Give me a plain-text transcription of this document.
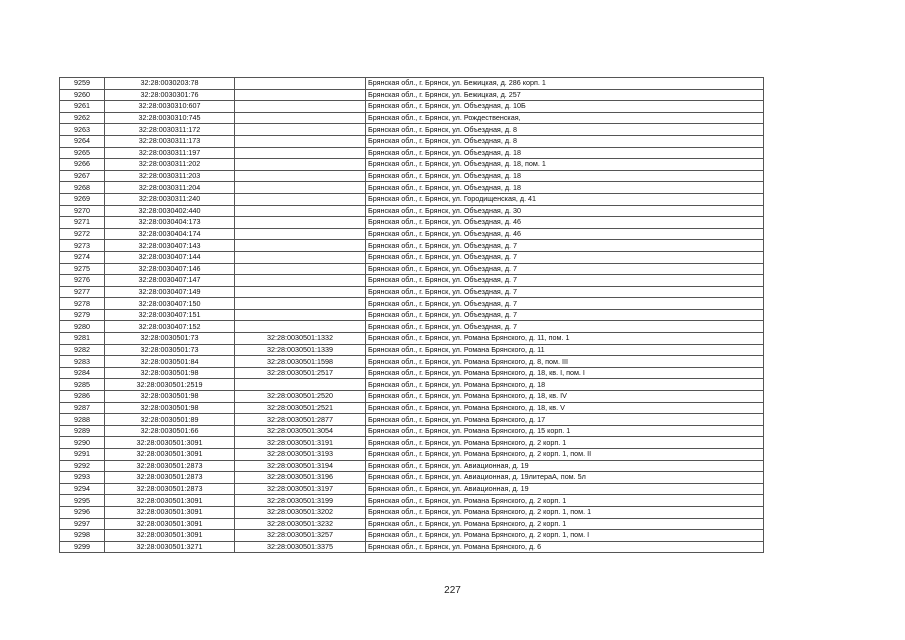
9259	32:28:0030203:78		Брянская обл., г. Брянск, ул. Бежицкая, д. 286 корп. 1
9260	32:28:0030301:76		Брянская обл., г. Брянск, ул. Бежицкая, д. 257
9261	32:28:0030310:607		Брянская обл., г. Брянск, ул. Объездная, д. 10Б
9262	32:28:0030310:745		Брянская обл., г. Брянск, ул. Рождественская,
9263	32:28:0030311:172		Брянская обл., г. Брянск, ул. Объездная, д. 8
9264	32:28:0030311:173		Брянская обл., г. Брянск, ул. Объездная, д. 8
9265	32:28:0030311:197		Брянская обл., г. Брянск, ул. Объездная, д. 18
9266	32:28:0030311:202		Брянская обл., г. Брянск, ул. Объездная, д. 18, пом. 1
9267	32:28:0030311:203		Брянская обл., г. Брянск, ул. Объездная, д. 18
9268	32:28:0030311:204		Брянская обл., г. Брянск, ул. Объездная, д. 18
9269	32:28:0030311:240		Брянская обл., г. Брянск, ул. Городищенская, д. 41
9270	32:28:0030402:440		Брянская обл., г. Брянск, ул. Объездная, д. 30
9271	32:28:0030404:173		Брянская обл., г. Брянск, ул. Объездная, д. 46
9272	32:28:0030404:174		Брянская обл., г. Брянск, ул. Объездная, д. 46
9273	32:28:0030407:143		Брянская обл., г. Брянск, ул. Объездная, д. 7
9274	32:28:0030407:144		Брянская обл., г. Брянск, ул. Объездная, д. 7
9275	32:28:0030407:146		Брянская обл., г. Брянск, ул. Объездная, д. 7
9276	32:28:0030407:147		Брянская обл., г. Брянск, ул. Объездная, д. 7
9277	32:28:0030407:149		Брянская обл., г. Брянск, ул. Объездная, д. 7
9278	32:28:0030407:150		Брянская обл., г. Брянск, ул. Объездная, д. 7
9279	32:28:0030407:151		Брянская обл., г. Брянск, ул. Объездная, д. 7
9280	32:28:0030407:152		Брянская обл., г. Брянск, ул. Объездная, д. 7
9281	32:28:0030501:73	32:28:0030501:1332	Брянская обл., г. Брянск, ул. Романа Брянского, д. 11, пом. 1
9282	32:28:0030501:73	32:28:0030501:1339	Брянская обл., г. Брянск, ул. Романа Брянского, д. 11
9283	32:28:0030501:84	32:28:0030501:1598	Брянская обл., г. Брянск, ул. Романа Брянского, д. 8, пом. III
9284	32:28:0030501:98	32:28:0030501:2517	Брянская обл., г. Брянск, ул. Романа Брянского, д. 18, кв. I, пом. I
9285	32:28:0030501:2519		Брянская обл., г. Брянск, ул. Романа Брянского, д. 18
9286	32:28:0030501:98	32:28:0030501:2520	Брянская обл., г. Брянск, ул. Романа Брянского, д. 18, кв. IV
9287	32:28:0030501:98	32:28:0030501:2521	Брянская обл., г. Брянск, ул. Романа Брянского, д. 18, кв. V
9288	32:28:0030501:89	32:28:0030501:2877	Брянская обл., г. Брянск, ул. Романа Брянского, д. 17
9289	32:28:0030501:66	32:28:0030501:3054	Брянская обл., г. Брянск, ул. Романа Брянского, д. 15 корп. 1
9290	32:28:0030501:3091	32:28:0030501:3191	Брянская обл., г. Брянск, ул. Романа Брянского, д. 2 корп. 1
9291	32:28:0030501:3091	32:28:0030501:3193	Брянская обл., г. Брянск, ул. Романа Брянского, д. 2 корп. 1, пом. II
9292	32:28:0030501:2873	32:28:0030501:3194	Брянская обл., г. Брянск, ул. Авиационная, д. 19
9293	32:28:0030501:2873	32:28:0030501:3196	Брянская обл., г. Брянск, ул. Авиационная, д. 19литераА, пом. 5л
9294	32:28:0030501:2873	32:28:0030501:3197	Брянская обл., г. Брянск, ул. Авиационная, д. 19
9295	32:28:0030501:3091	32:28:0030501:3199	Брянская обл., г. Брянск, ул. Романа Брянского, д. 2 корп. 1
9296	32:28:0030501:3091	32:28:0030501:3202	Брянская обл., г. Брянск, ул. Романа Брянского, д. 2 корп. 1, пом. 1
9297	32:28:0030501:3091	32:28:0030501:3232	Брянская обл., г. Брянск, ул. Романа Брянского, д. 2 корп. 1
9298	32:28:0030501:3091	32:28:0030501:3257	Брянская обл., г. Брянск, ул. Романа Брянского, д. 2 корп. 1, пом. I
9299	32:28:0030501:3271	32:28:0030501:3375	Брянская обл., г. Брянск, ул. Романа Брянского, д. 6
227
